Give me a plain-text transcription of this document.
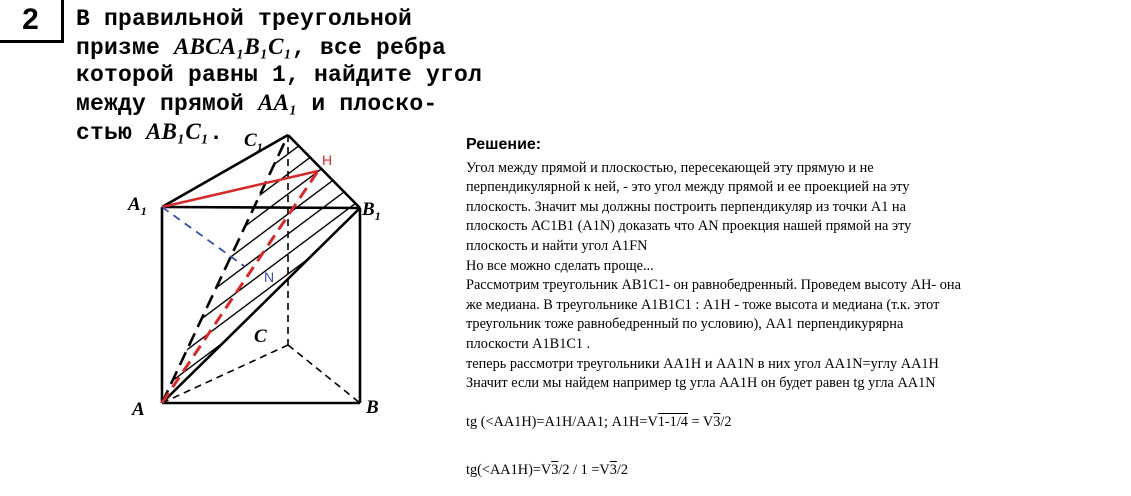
2	В правильной треугольной
призме ABCA₁B₁C₁, все ребра
которой равны 1, найдите угол
между прямой AA₁ и плоско-
стью AB₁C₁.
A	B
C
$A_1$	$B_1$
$C_1$
H
N
Решение:
Угол между прямой и плоскостью, пересекающей эту прямую и не
перпендикулярной к ней, - это угол между прямой и ее проекцией на эту
плоскость. Значит мы должны построить перпендикуляр из точки А1 на
плоскость АС1В1 (А1N) доказать что АN проекция нашей прямой на эту
плоскость и найти угол А1FN
Но все можно сделать проще...
Рассмотрим треугольник АВ1С1- он равнобедренный. Проведем высоту АН- она
же медиана. В треугольнике А1В1С1 : А1Н - тоже высота и медиана (т.к. этот
треугольник тоже равнобедренный по условию), АА1 перпендикурярна
плоскости А1В1С1 .
теперь рассмотри треугольники АА1Н и АА1N в них угол АА1N=углу АА1Н
Значит если мы найдем например tg угла АА1Н он будет равен tg угла АА1N
tg (<АА1Н)=А1Н/АА1; А1Н=V1-1/4 = V3/2
tg(<АА1Н)=V3/2 / 1 =V3/2
